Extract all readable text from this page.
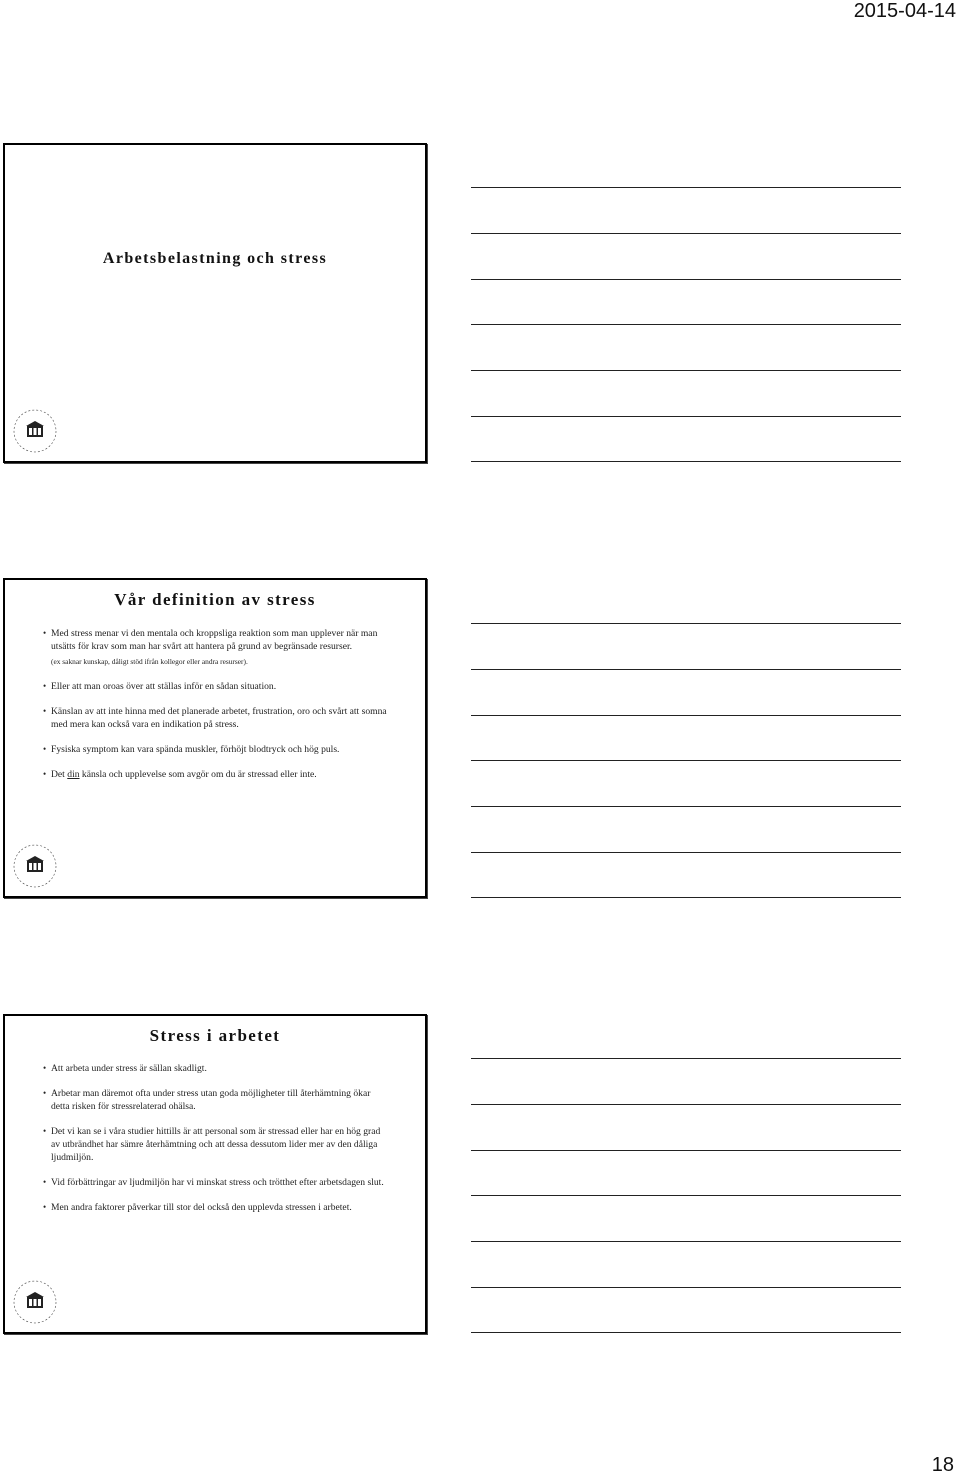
2015-04-14
Arbetsbelastning och stress
Vår definition av stress
• Med stress menar vi den mentala och kroppsliga reaktion som man upplever när man utsätts för krav som man har svårt att hantera på grund av begränsade resurser.
(ex saknar kunskap, dåligt stöd ifrån kollegor eller andra resurser).
• Eller att man oroas över att ställas inför en sådan situation.
• Känslan av att inte hinna med det planerade arbetet, frustration, oro och svårt att somna med mera kan också vara en indikation på stress.
• Fysiska symptom kan vara spända muskler, förhöjt blodtryck och hög puls.
• Det din känsla och upplevelse som avgör om du är stressad eller inte.
Stress i arbetet
• Att arbeta under stress är sällan skadligt.
• Arbetar man däremot ofta under stress utan goda möjligheter till återhämtning ökar detta risken för stressrelaterad ohälsa.
• Det vi kan se i våra studier hittills är att personal som är stressad eller har en hög grad av utbrändhet har sämre återhämtning och att dessa dessutom lider mer av den dåliga ljudmiljön.
• Vid förbättringar av ljudmiljön har vi minskat stress och trötthet efter arbetsdagen slut.
• Men andra faktorer påverkar till stor del också den upplevda stressen i arbetet.
18
